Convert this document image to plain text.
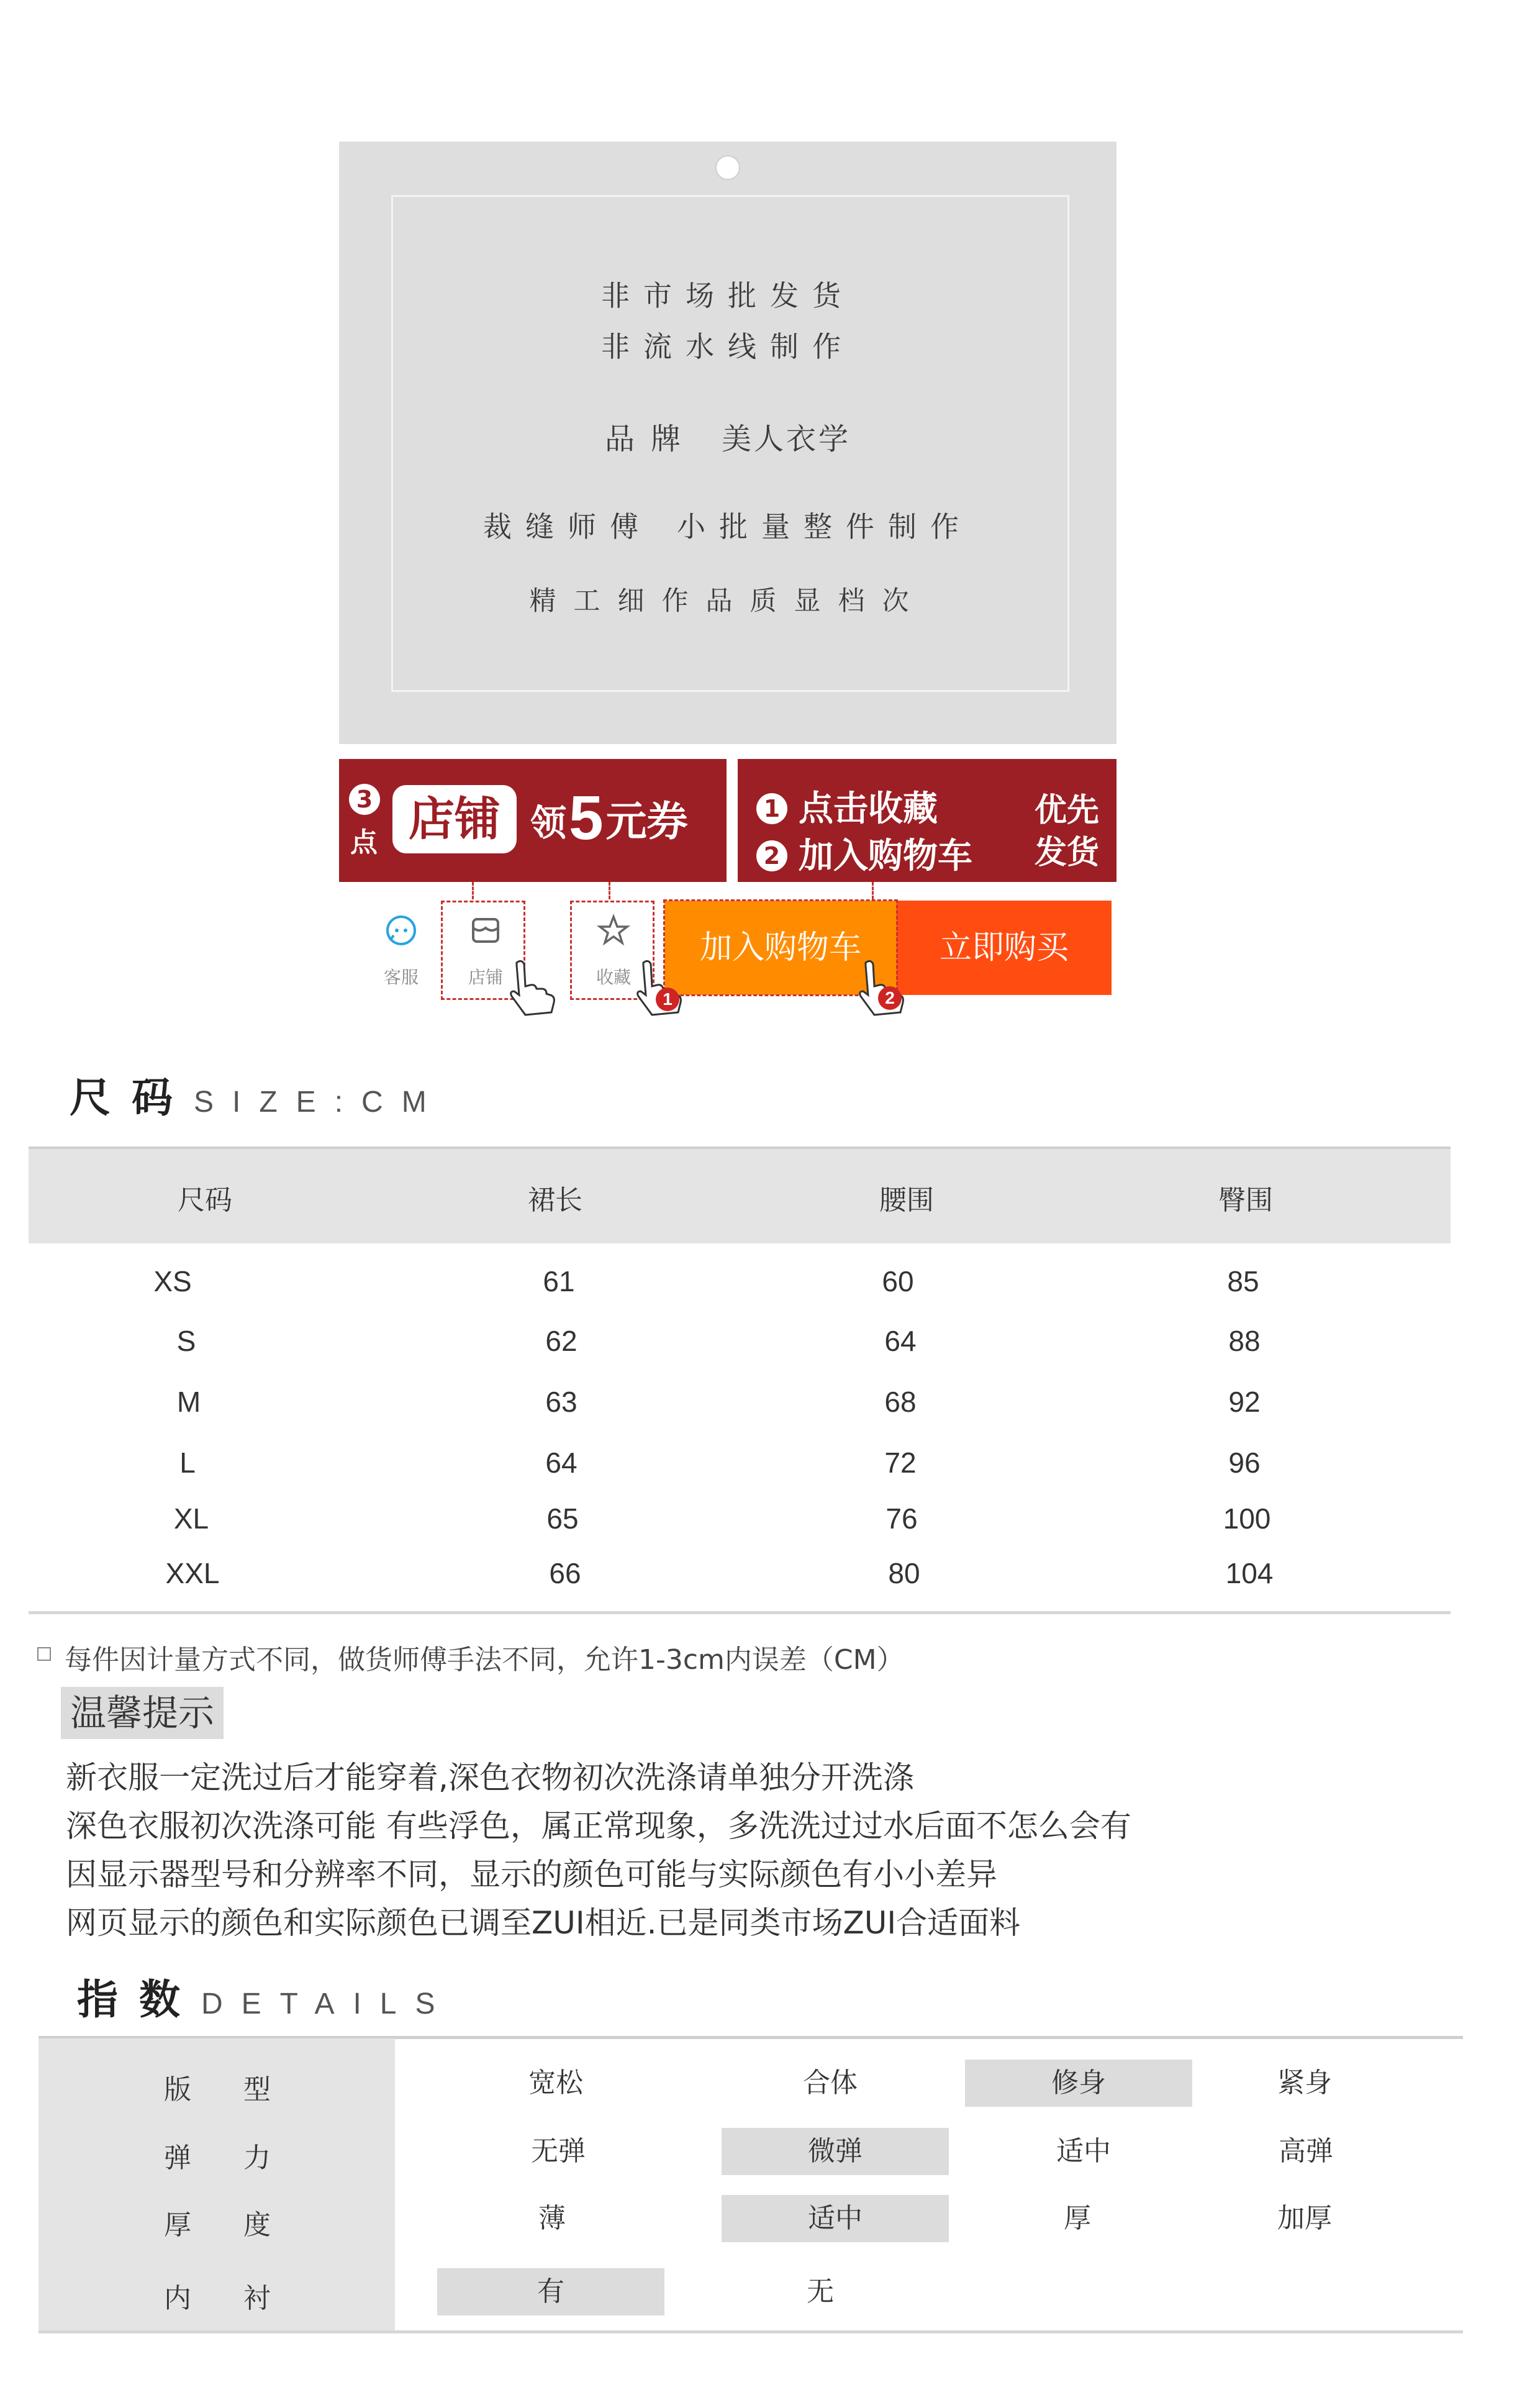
非市场批发货
非流水线制作
品牌 美人衣学
裁缝师傅 小批量整件制作
精工细作品质显档次
3
点 店铺 领5元券	1 点击收藏
2 加入购物车
优先
发货
客服	店铺	收藏
加入购物车	立即购买
1	2
尺码SIZE:CM
尺码	裙长	腰围	臀围
XS	61	60	85
S	62	64	88
M	63	68	92
L	64	72	96
XL	65	76	100
XXL	66	80	104
每件因计量方式不同，做货师傅手法不同，允许1-3cm内误差（CM）
温馨提示
新衣服一定洗过后才能穿着,深色衣物初次洗涤请单独分开洗涤
深色衣服初次洗涤可能 有些浮色，属正常现象，多洗洗过过水后面不怎么会有
因显示器型号和分辨率不同，显示的颜色可能与实际颜色有小小差异
网页显示的颜色和实际颜色已调至ZUI相近.已是同类市场ZUI合适面料
指数DETAILS
版型	宽松	合体	修身	紧身
弹力	无弹	微弹	适中	高弹
厚度	薄	适中	厚	加厚
内衬	有	无
